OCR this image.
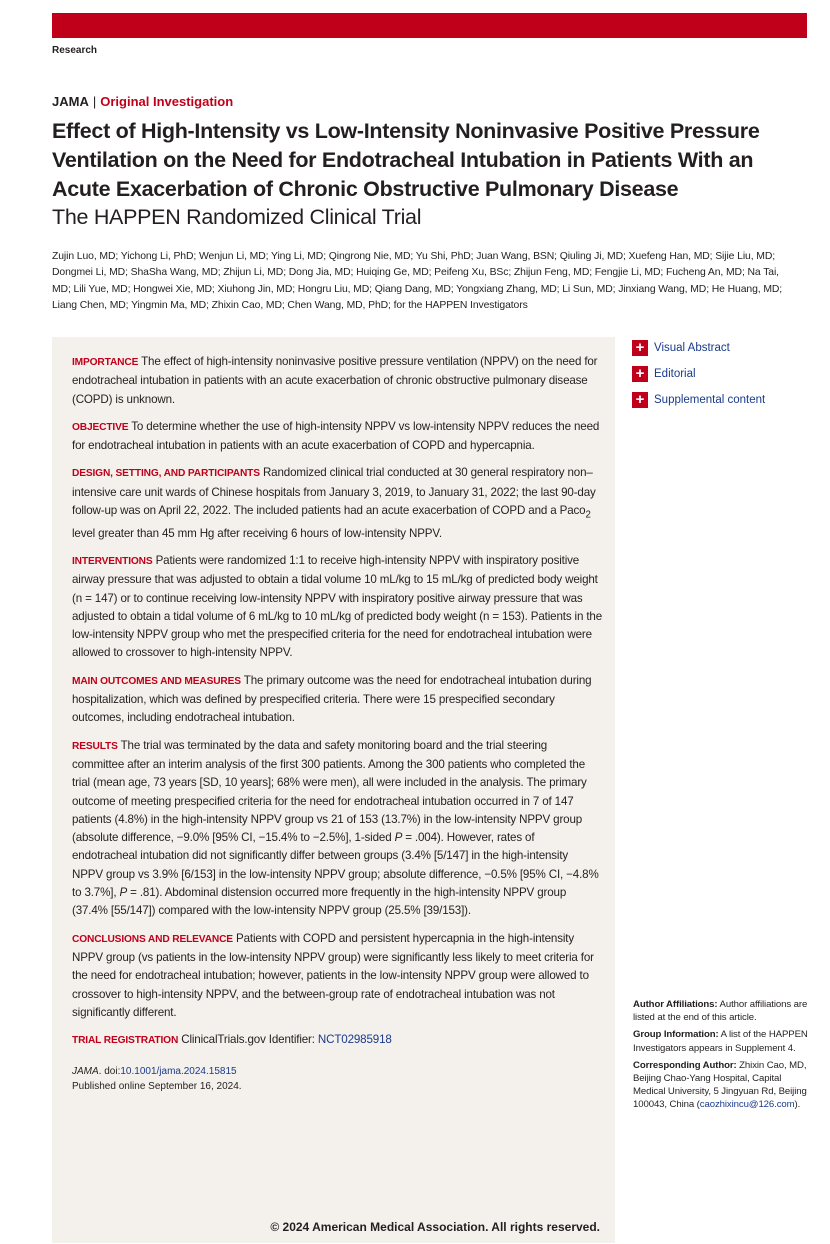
Research
JAMA | Original Investigation
Effect of High-Intensity vs Low-Intensity Noninvasive Positive Pressure Ventilation on the Need for Endotracheal Intubation in Patients With an Acute Exacerbation of Chronic Obstructive Pulmonary Disease
The HAPPEN Randomized Clinical Trial

Zujin Luo, MD; Yichong Li, PhD; Wenjun Li, MD; Ying Li, MD; Qingrong Nie, MD; Yu Shi, PhD; Juan Wang, BSN; Qiuling Ji, MD; Xuefeng Han, MD; Sijie Liu, MD; Dongmei Li, MD; ShaSha Wang, MD; Zhijun Li, MD; Dong Jia, MD; Huiqing Ge, MD; Peifeng Xu, BSc; Zhijun Feng, MD; Fengjie Li, MD; Fucheng An, MD; Na Tai, MD; Lili Yue, MD; Hongwei Xie, MD; Xiuhong Jin, MD; Hongru Liu, MD; Qiang Dang, MD; Yongxiang Zhang, MD; Li Sun, MD; Jinxiang Wang, MD; He Huang, MD; Liang Chen, MD; Yingmin Ma, MD; Zhixin Cao, MD; Chen Wang, MD, PhD; for the HAPPEN Investigators

+ Visual Abstract
+ Editorial
+ Supplemental content

IMPORTANCE The effect of high-intensity noninvasive positive pressure ventilation (NPPV) on the need for endotracheal intubation in patients with an acute exacerbation of chronic obstructive pulmonary disease (COPD) is unknown.

OBJECTIVE To determine whether the use of high-intensity NPPV vs low-intensity NPPV reduces the need for endotracheal intubation in patients with an acute exacerbation of COPD and hypercapnia.

DESIGN, SETTING, AND PARTICIPANTS Randomized clinical trial conducted at 30 general respiratory non–intensive care unit wards of Chinese hospitals from January 3, 2019, to January 31, 2022; the last 90-day follow-up was on April 22, 2022. The included patients had an acute exacerbation of COPD and a Paco$_2$ level greater than 45 mm Hg after receiving 6 hours of low-intensity NPPV.

INTERVENTIONS Patients were randomized 1:1 to receive high-intensity NPPV with inspiratory positive airway pressure that was adjusted to obtain a tidal volume 10 mL/kg to 15 mL/kg of predicted body weight (n = 147) or to continue receiving low-intensity NPPV with inspiratory positive airway pressure that was adjusted to obtain a tidal volume of 6 mL/kg to 10 mL/kg of predicted body weight (n = 153). Patients in the low-intensity NPPV group who met the prespecified criteria for the need for endotracheal intubation were allowed to crossover to high-intensity NPPV.

MAIN OUTCOMES AND MEASURES The primary outcome was the need for endotracheal intubation during hospitalization, which was defined by prespecified criteria. There were 15 prespecified secondary outcomes, including endotracheal intubation.

RESULTS The trial was terminated by the data and safety monitoring board and the trial steering committee after an interim analysis of the first 300 patients. Among the 300 patients who completed the trial (mean age, 73 years [SD, 10 years]; 68% were men), all were included in the analysis. The primary outcome of meeting prespecified criteria for the need for endotracheal intubation occurred in 7 of 147 patients (4.8%) in the high-intensity NPPV group vs 21 of 153 (13.7%) in the low-intensity NPPV group (absolute difference, −9.0% [95% CI, −15.4% to −2.5%], 1-sided P = .004). However, rates of endotracheal intubation did not significantly differ between groups (3.4% [5/147] in the high-intensity NPPV group vs 3.9% [6/153] in the low-intensity NPPV group; absolute difference, −0.5% [95% CI, −4.8% to 3.7%], P = .81). Abdominal distension occurred more frequently in the high-intensity NPPV group (37.4% [55/147]) compared with the low-intensity NPPV group (25.5% [39/153]).

CONCLUSIONS AND RELEVANCE Patients with COPD and persistent hypercapnia in the high-intensity NPPV group (vs patients in the low-intensity NPPV group) were significantly less likely to meet criteria for the need for endotracheal intubation; however, patients in the low-intensity NPPV group were allowed to crossover to high-intensity NPPV, and the between-group rate of endotracheal intubation was not significantly different.

TRIAL REGISTRATION ClinicalTrials.gov Identifier: NCT02985918

JAMA. doi:10.1001/jama.2024.15815
Published online September 16, 2024.
© 2024 American Medical Association. All rights reserved.

Author Affiliations: Author affiliations are listed at the end of this article.

Group Information: A list of the HAPPEN Investigators appears in Supplement 4.

Corresponding Author: Zhixin Cao, MD, Beijing Chao-Yang Hospital, Capital Medical University, 5 Jingyuan Rd, Beijing 100043, China (caozhixincu@126.com).
